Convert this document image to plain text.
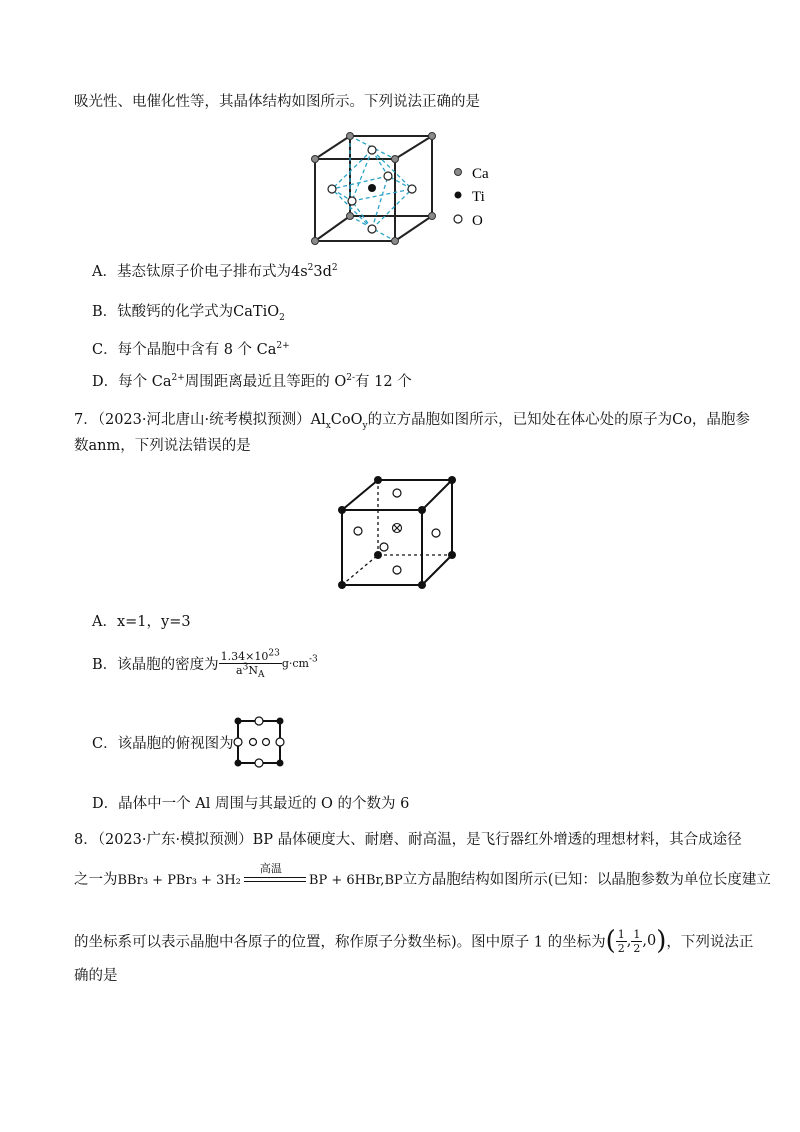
吸光性、电催化性等，其晶体结构如图所示。下列说法正确的是
Ca
Ti
O
A．基态钛原子价电子排布式为$4s^23d^2$
B．钛酸钙的化学式为CaTiO$_2$
C．每个晶胞中含有 8 个 $Ca^{2+}$
D．每个 $Ca^{2+}$周围距离最近且等距的 $O^{2-}$有 12 个
7．（2023·河北唐山·统考模拟预测）$Al_xCoO_y$的立方晶胞如图所示，已知处在体心处的原子为Co，晶胞参
数anm，下列说法错误的是
A．x=1，y=3
B．该晶胞的密度为 $\frac{1.34\times 10^{23}}{a^3N_A} g\cdot cm^{-3}$
C．该晶胞的俯视图为
D．晶体中一个 Al 周围与其最近的 O 的个数为 6
8．（2023·广东·模拟预测）BP 晶体硬度大、耐磨、耐高温，是飞行器红外增透的理想材料，其合成途径
之一为BBr₃ + PBr₃ + 3H₂
高温
BP + 6HBr,BP立方晶胞结构如图所示(已知：以晶胞参数为单位长度建立
的坐标系可以表示晶胞中各原子的位置，称作原子分数坐标)。图中原子 1 的坐标为( $\frac{1}{2}$ , $\frac{1}{2} ,0$)，下列说法正
确的是
